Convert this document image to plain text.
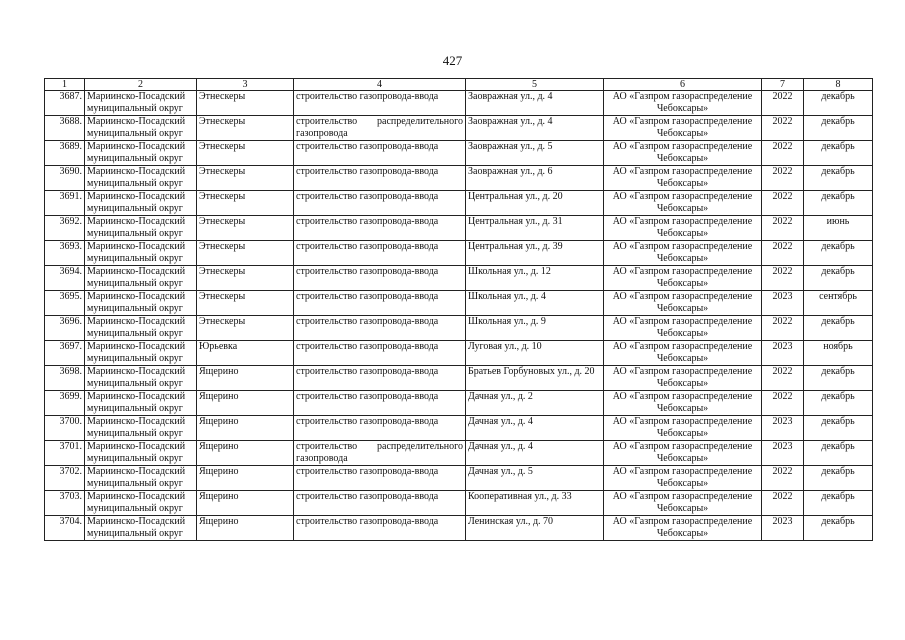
427
1	2	3	4	5	6	7	8
3687.	Мариинско-Посадский муниципальный округ	Этнескеры	строительство газопровода-ввода	Заовражная ул., д. 4	АО «Газпром газораспределение Чебоксары»	2022	декабрь
3688.	Мариинско-Посадский муниципальный округ	Этнескеры	строительство распределительного газопровода	Заовражная ул., д. 4	АО «Газпром газораспределение Чебоксары»	2022	декабрь
3689.	Мариинско-Посадский муниципальный округ	Этнескеры	строительство газопровода-ввода	Заовражная ул., д. 5	АО «Газпром газораспределение Чебоксары»	2022	декабрь
3690.	Мариинско-Посадский муниципальный округ	Этнескеры	строительство газопровода-ввода	Заовражная ул., д. 6	АО «Газпром газораспределение Чебоксары»	2022	декабрь
3691.	Мариинско-Посадский муниципальный округ	Этнескеры	строительство газопровода-ввода	Центральная ул., д. 20	АО «Газпром газораспределение Чебоксары»	2022	декабрь
3692.	Мариинско-Посадский муниципальный округ	Этнескеры	строительство газопровода-ввода	Центральная ул., д. 31	АО «Газпром газораспределение Чебоксары»	2022	июнь
3693.	Мариинско-Посадский муниципальный округ	Этнескеры	строительство газопровода-ввода	Центральная ул., д. 39	АО «Газпром газораспределение Чебоксары»	2022	декабрь
3694.	Мариинско-Посадский муниципальный округ	Этнескеры	строительство газопровода-ввода	Школьная ул., д. 12	АО «Газпром газораспределение Чебоксары»	2022	декабрь
3695.	Мариинско-Посадский муниципальный округ	Этнескеры	строительство газопровода-ввода	Школьная ул., д. 4	АО «Газпром газораспределение Чебоксары»	2023	сентябрь
3696.	Мариинско-Посадский муниципальный округ	Этнескеры	строительство газопровода-ввода	Школьная ул., д. 9	АО «Газпром газораспределение Чебоксары»	2022	декабрь
3697.	Мариинско-Посадский муниципальный округ	Юрьевка	строительство газопровода-ввода	Луговая ул., д. 10	АО «Газпром газораспределение Чебоксары»	2023	ноябрь
3698.	Мариинско-Посадский муниципальный округ	Ящерино	строительство газопровода-ввода	Братьев Горбуновых ул., д. 20	АО «Газпром газораспределение Чебоксары»	2022	декабрь
3699.	Мариинско-Посадский муниципальный округ	Ящерино	строительство газопровода-ввода	Дачная ул., д. 2	АО «Газпром газораспределение Чебоксары»	2022	декабрь
3700.	Мариинско-Посадский муниципальный округ	Ящерино	строительство газопровода-ввода	Дачная ул., д. 4	АО «Газпром газораспределение Чебоксары»	2023	декабрь
3701.	Мариинско-Посадский муниципальный округ	Ящерино	строительство распределительного газопровода	Дачная ул., д. 4	АО «Газпром газораспределение Чебоксары»	2023	декабрь
3702.	Мариинско-Посадский муниципальный округ	Ящерино	строительство газопровода-ввода	Дачная ул., д. 5	АО «Газпром газораспределение Чебоксары»	2022	декабрь
3703.	Мариинско-Посадский муниципальный округ	Ящерино	строительство газопровода-ввода	Кооперативная ул., д. 33	АО «Газпром газораспределение Чебоксары»	2022	декабрь
3704.	Мариинско-Посадский муниципальный округ	Ящерино	строительство газопровода-ввода	Ленинская ул., д. 70	АО «Газпром газораспределение Чебоксары»	2023	декабрь
